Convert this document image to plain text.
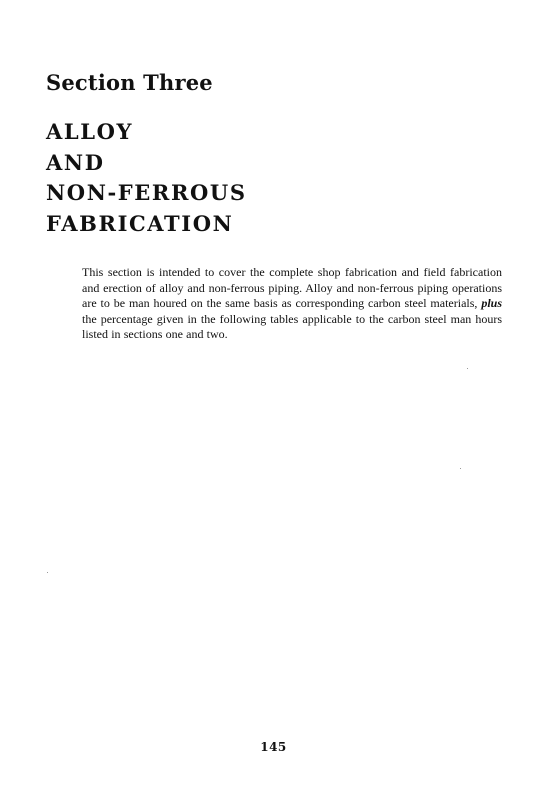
Section Three
ALLOY
AND
NON-FERROUS
FABRICATION

This section is intended to cover the complete shop fabrication and field fabrication and erection of alloy and non-ferrous piping. Alloy and non-ferrous piping operations are to be man houred on the same basis as corresponding carbon steel materials, plus the percentage given in the following tables applicable to the carbon steel man hours listed in sections one and two.

145
